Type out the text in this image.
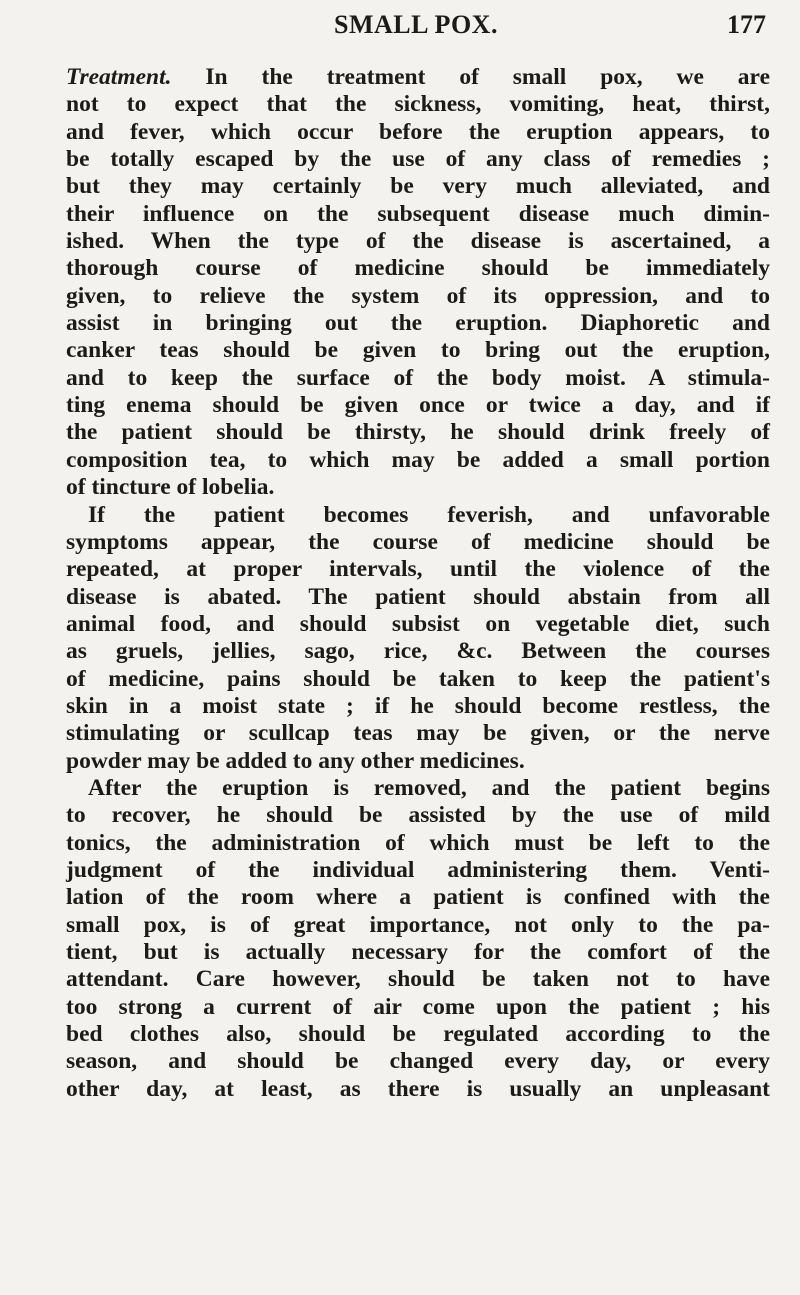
SMALL POX.	177
Treatment. In the treatment of small pox, we are
not to expect that the sickness, vomiting, heat, thirst,
and fever, which occur before the eruption appears, to
be totally escaped by the use of any class of remedies ;
but they may certainly be very much alleviated, and
their influence on the subsequent disease much dimin-
ished. When the type of the disease is ascertained, a
thorough course of medicine should be immediately
given, to relieve the system of its oppression, and to
assist in bringing out the eruption. Diaphoretic and
canker teas should be given to bring out the eruption,
and to keep the surface of the body moist. A stimula-
ting enema should be given once or twice a day, and if
the patient should be thirsty, he should drink freely of
composition tea, to which may be added a small portion
of tincture of lobelia.
If the patient becomes feverish, and unfavorable
symptoms appear, the course of medicine should be
repeated, at proper intervals, until the violence of the
disease is abated. The patient should abstain from all
animal food, and should subsist on vegetable diet, such
as gruels, jellies, sago, rice, &c. Between the courses
of medicine, pains should be taken to keep the patient's
skin in a moist state ; if he should become restless, the
stimulating or scullcap teas may be given, or the nerve
powder may be added to any other medicines.
After the eruption is removed, and the patient begins
to recover, he should be assisted by the use of mild
tonics, the administration of which must be left to the
judgment of the individual administering them. Venti-
lation of the room where a patient is confined with the
small pox, is of great importance, not only to the pa-
tient, but is actually necessary for the comfort of the
attendant. Care however, should be taken not to have
too strong a current of air come upon the patient ; his
bed clothes also, should be regulated according to the
season, and should be changed every day, or every
other day, at least, as there is usually an unpleasant
